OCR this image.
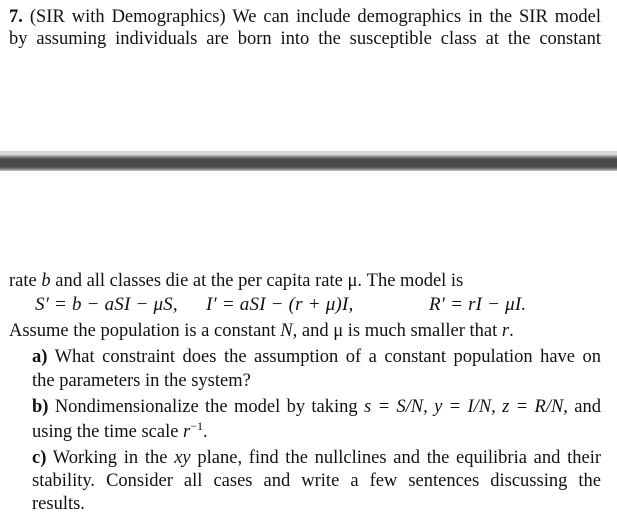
7. (SIR with Demographics) We can include demographics in the SIR model
by assuming individuals are born into the susceptible class at the constant
rate b and all classes die at the per capita rate μ. The model is
S′ = b − aSI − μS, I′ = aSI − (r + μ)I,	R′ = rI − μI.
Assume the population is a constant N, and μ is much smaller that r.
a) What constraint does the assumption of a constant population have on
the parameters in the system?
b) Nondimensionalize the model by taking s = S/N, y = I/N, z = R/N, and
using the time scale $r^{-1}$.
c) Working in the xy plane, find the nullclines and the equilibria and their
stability. Consider all cases and write a few sentences discussing the
results.
